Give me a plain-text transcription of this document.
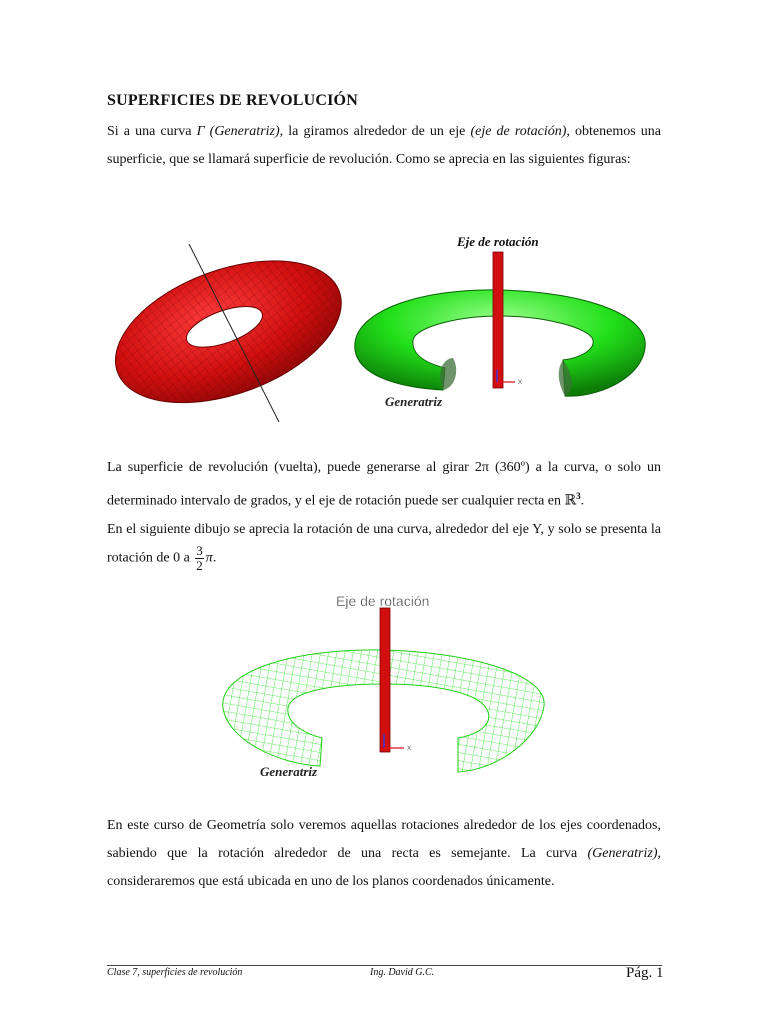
SUPERFICIES DE REVOLUCIÓN
Si a una curva Γ (Generatriz), la giramos alrededor de un eje (eje de rotación), obtenemos una superficie, que se llamará superficie de revolución. Como se aprecia en las siguientes figuras:
X
Eje de rotación
Generatriz
La superficie de revolución (vuelta), puede generarse al girar 2π (360º) a la curva, o solo un determinado intervalo de grados, y el eje de rotación puede ser cualquier recta en ℝ$^3$.
En el siguiente dibujo se aprecia la rotación de una curva, alrededor del eje Y, y solo se presenta la rotación de 0 a $\frac{3}{2} \pi$.
X
Eje de rotación
Generatriz
En este curso de Geometría solo veremos aquellas rotaciones alrededor de los ejes coordenados, sabiendo que la rotación alrededor de una recta es semejante. La curva (Generatriz), consideraremos que está ubicada en uno de los planos coordenados únicamente.
Clase 7, superficies de revolución	Ing. David G.C.	Pág. 1
